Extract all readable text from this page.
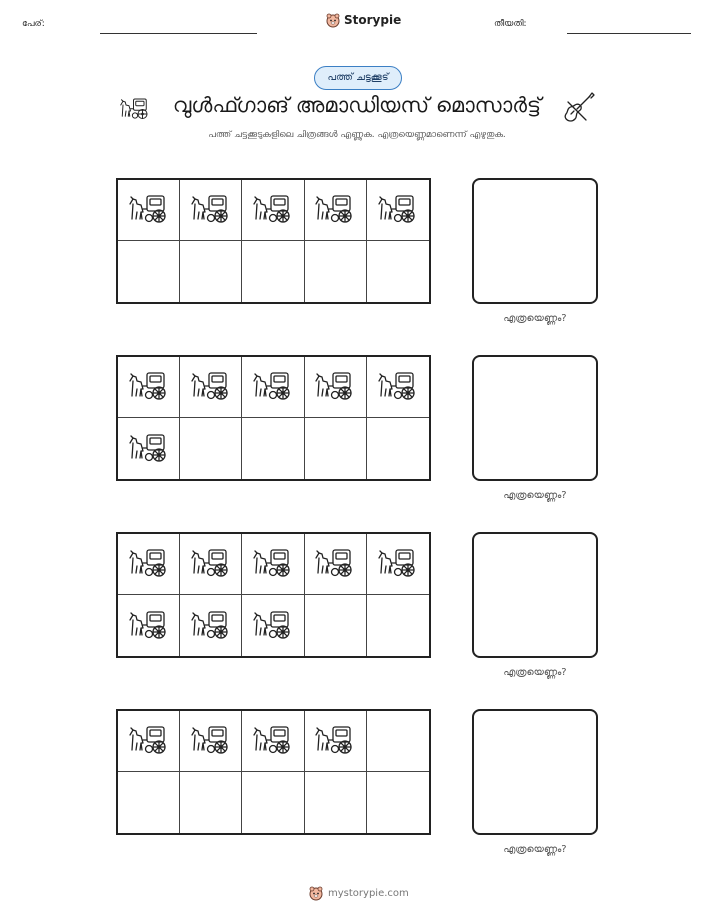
പേര്:	Storypie	തീയതി:
പത്ത് ചട്ടക്കൂട്
വുൾഫ്ഗാങ് അമാഡിയസ് മൊസാർട്ട്
പത്ത് ചട്ടക്കൂടുകളിലെ ചിത്രങ്ങൾ എണ്ണുക. എത്രയെണ്ണമാണെന്ന് എഴുതുക.
എത്രയെണ്ണം?
എത്രയെണ്ണം?
എത്രയെണ്ണം?
എത്രയെണ്ണം?
mystorypie.com
